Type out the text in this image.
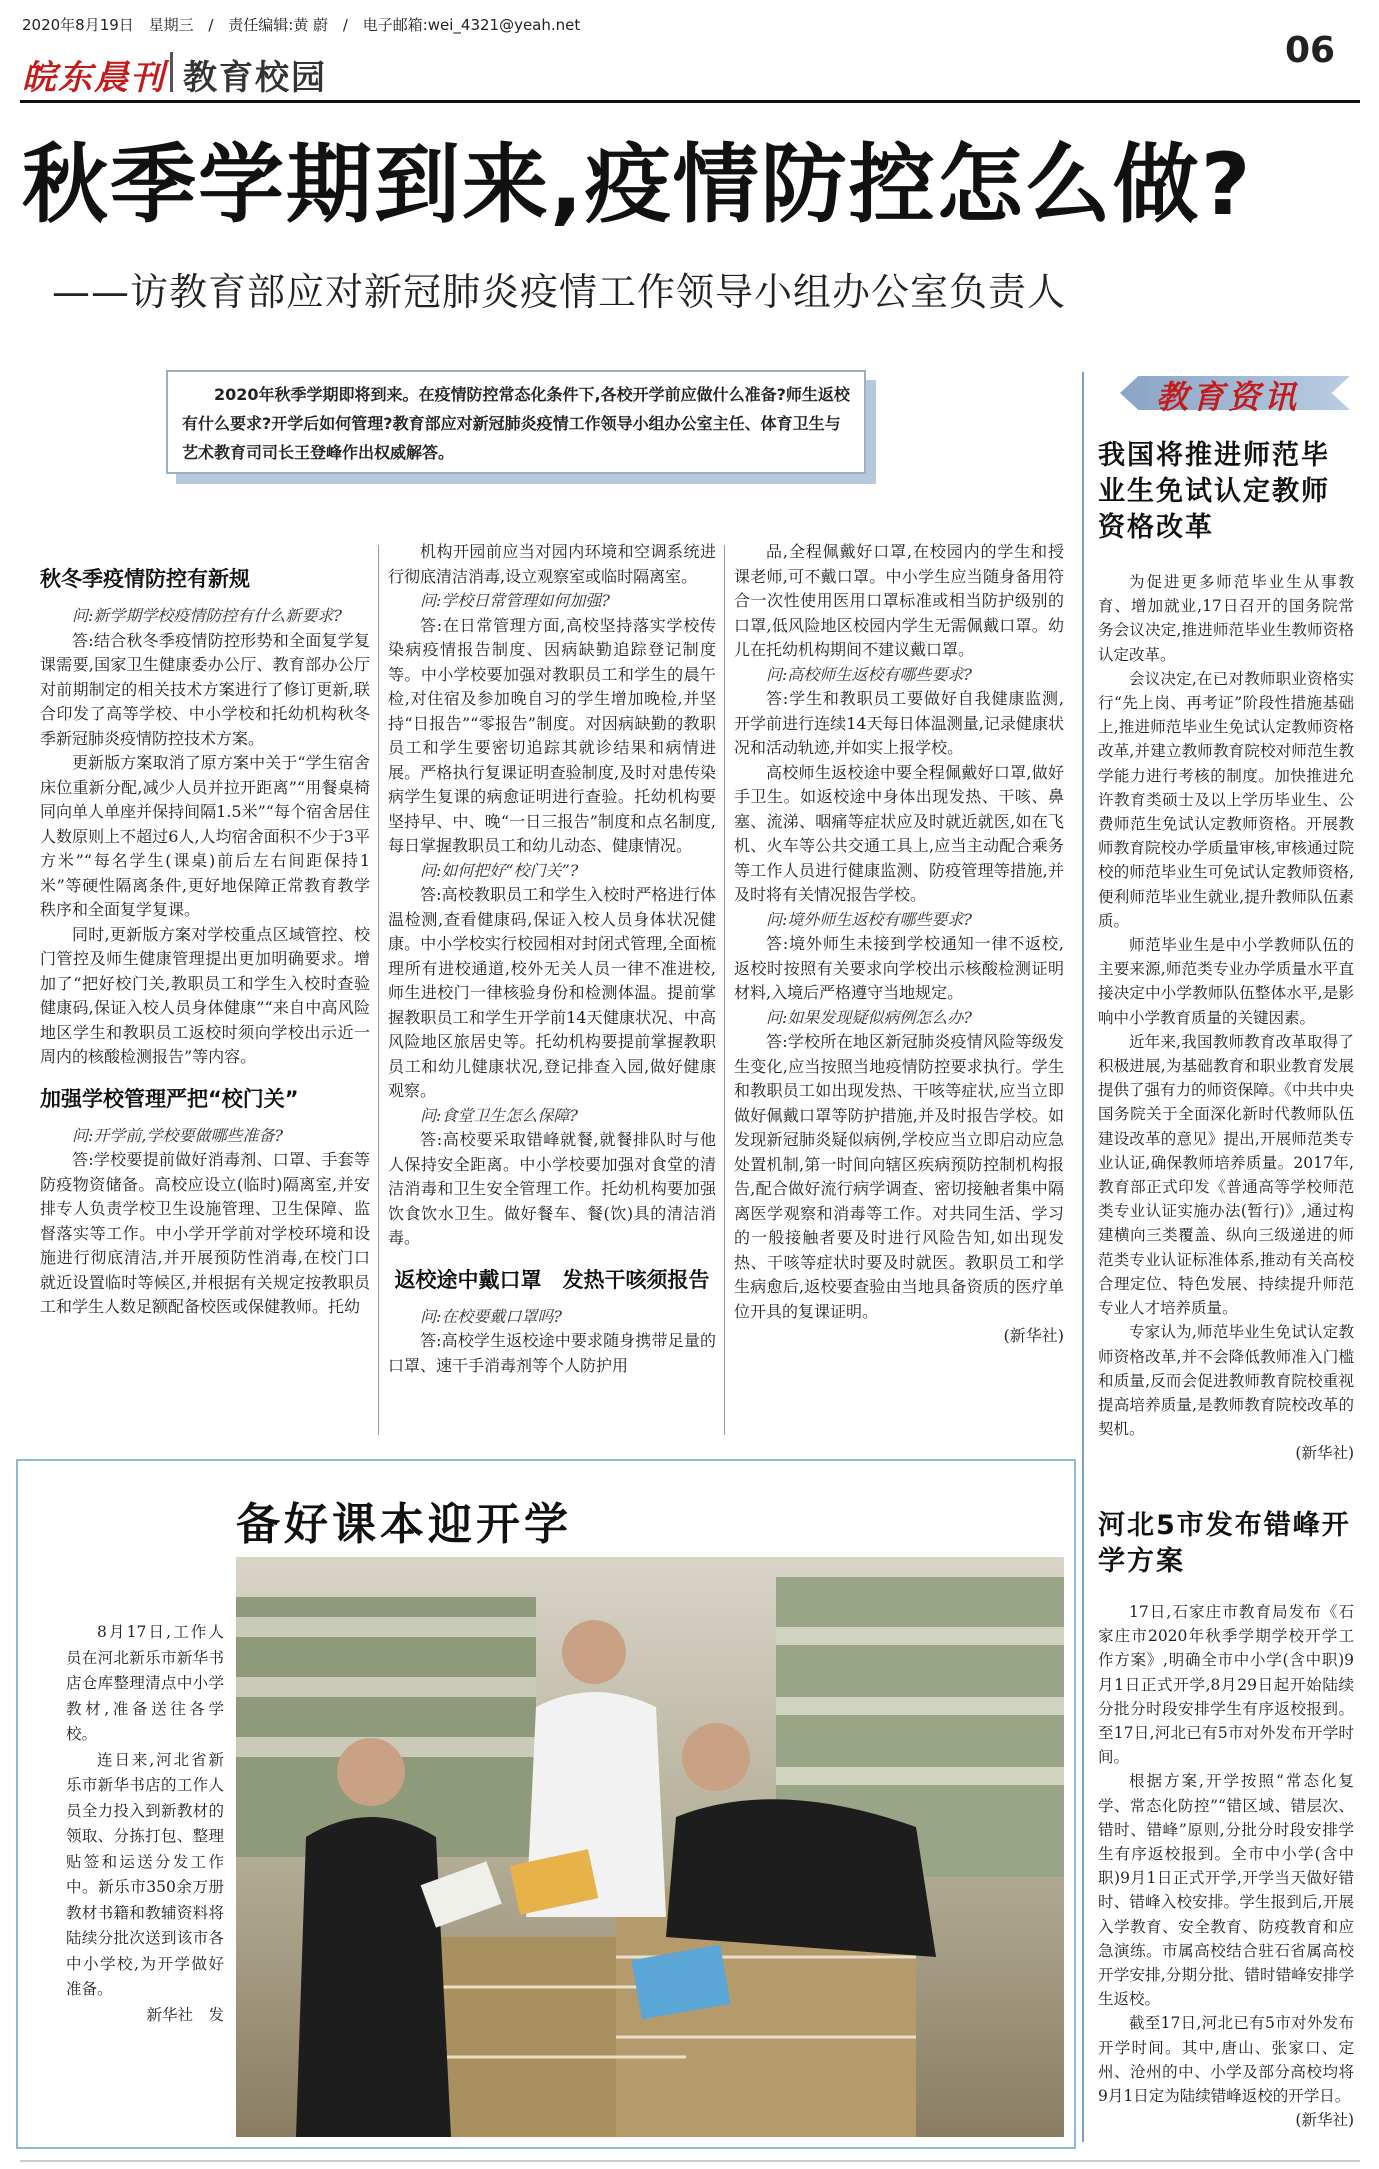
2020年8月19日 星期三 / 责任编辑:黄 蔚 / 电子邮箱:wei_4321@yeah.net
06
皖东晨刊 教育校园
秋季学期到来,疫情防控怎么做?
——访教育部应对新冠肺炎疫情工作领导小组办公室负责人
2020年秋季学期即将到来。在疫情防控常态化条件下,各校开学前应做什么准备?师生返校有什么要求?开学后如何管理?教育部应对新冠肺炎疫情工作领导小组办公室主任、体育卫生与艺术教育司司长王登峰作出权威解答。
秋冬季疫情防控有新规

问:新学期学校疫情防控有什么新要求?

答:结合秋冬季疫情防控形势和全面复学复课需要,国家卫生健康委办公厅、教育部办公厅对前期制定的相关技术方案进行了修订更新,联合印发了高等学校、中小学校和托幼机构秋冬季新冠肺炎疫情防控技术方案。

更新版方案取消了原方案中关于“学生宿舍床位重新分配,减少人员并拉开距离”“用餐桌椅同向单人单座并保持间隔1.5米”“每个宿舍居住人数原则上不超过6人,人均宿舍面积不少于3平方米”“每名学生(课桌)前后左右间距保持1米”等硬性隔离条件,更好地保障正常教育教学秩序和全面复学复课。

同时,更新版方案对学校重点区域管控、校门管控及师生健康管理提出更加明确要求。增加了“把好校门关,教职员工和学生入校时查验健康码,保证入校人员身体健康”“来自中高风险地区学生和教职员工返校时须向学校出示近一周内的核酸检测报告”等内容。

加强学校管理严把“校门关”

问:开学前,学校要做哪些准备?

答:学校要提前做好消毒剂、口罩、手套等防疫物资储备。高校应设立(临时)隔离室,并安排专人负责学校卫生设施管理、卫生保障、监督落实等工作。中小学开学前对学校环境和设施进行彻底清洁,并开展预防性消毒,在校门口就近设置临时等候区,并根据有关规定按教职员工和学生人数足额配备校医或保健教师。托幼

机构开园前应当对园内环境和空调系统进行彻底清洁消毒,设立观察室或临时隔离室。

问:学校日常管理如何加强?

答:在日常管理方面,高校坚持落实学校传染病疫情报告制度、因病缺勤追踪登记制度等。中小学校要加强对教职员工和学生的晨午检,对住宿及参加晚自习的学生增加晚检,并坚持“日报告”“零报告”制度。对因病缺勤的教职员工和学生要密切追踪其就诊结果和病情进展。严格执行复课证明查验制度,及时对患传染病学生复课的病愈证明进行查验。托幼机构要坚持早、中、晚“一日三报告”制度和点名制度,每日掌握教职员工和幼儿动态、健康情况。

问:如何把好“校门关”?

答:高校教职员工和学生入校时严格进行体温检测,查看健康码,保证入校人员身体状况健康。中小学校实行校园相对封闭式管理,全面梳理所有进校通道,校外无关人员一律不准进校,师生进校门一律核验身份和检测体温。提前掌握教职员工和学生开学前14天健康状况、中高风险地区旅居史等。托幼机构要提前掌握教职员工和幼儿健康状况,登记排查入园,做好健康观察。

问:食堂卫生怎么保障?

答:高校要采取错峰就餐,就餐排队时与他人保持安全距离。中小学校要加强对食堂的清洁消毒和卫生安全管理工作。托幼机构要加强饮食饮水卫生。做好餐车、餐(饮)具的清洁消毒。

返校途中戴口罩　发热干咳须报告

问:在校要戴口罩吗?

答:高校学生返校途中要求随身携带足量的口罩、速干手消毒剂等个人防护用

品,全程佩戴好口罩,在校园内的学生和授课老师,可不戴口罩。中小学生应当随身备用符合一次性使用医用口罩标准或相当防护级别的口罩,低风险地区校园内学生无需佩戴口罩。幼儿在托幼机构期间不建议戴口罩。

问:高校师生返校有哪些要求?

答:学生和教职员工要做好自我健康监测,开学前进行连续14天每日体温测量,记录健康状况和活动轨迹,并如实上报学校。

高校师生返校途中要全程佩戴好口罩,做好手卫生。如返校途中身体出现发热、干咳、鼻塞、流涕、咽痛等症状应及时就近就医,如在飞机、火车等公共交通工具上,应当主动配合乘务等工作人员进行健康监测、防疫管理等措施,并及时将有关情况报告学校。

问:境外师生返校有哪些要求?

答:境外师生未接到学校通知一律不返校,返校时按照有关要求向学校出示核酸检测证明材料,入境后严格遵守当地规定。

问:如果发现疑似病例怎么办?

答:学校所在地区新冠肺炎疫情风险等级发生变化,应当按照当地疫情防控要求执行。学生和教职员工如出现发热、干咳等症状,应当立即做好佩戴口罩等防护措施,并及时报告学校。如发现新冠肺炎疑似病例,学校应当立即启动应急处置机制,第一时间向辖区疾病预防控制机构报告,配合做好流行病学调查、密切接触者集中隔离医学观察和消毒等工作。对共同生活、学习的一般接触者要及时进行风险告知,如出现发热、干咳等症状时要及时就医。教职员工和学生病愈后,返校要查验由当地具备资质的医疗单位开具的复课证明。

(新华社)

教育资讯
我国将推进师范毕业生免试认定教师资格改革

为促进更多师范毕业生从事教育、增加就业,17日召开的国务院常务会议决定,推进师范毕业生教师资格认定改革。

会议决定,在已对教师职业资格实行“先上岗、再考证”阶段性措施基础上,推进师范毕业生免试认定教师资格改革,并建立教师教育院校对师范生教学能力进行考核的制度。加快推进允许教育类硕士及以上学历毕业生、公费师范生免试认定教师资格。开展教师教育院校办学质量审核,审核通过院校的师范毕业生可免试认定教师资格,便利师范毕业生就业,提升教师队伍素质。

师范毕业生是中小学教师队伍的主要来源,师范类专业办学质量水平直接决定中小学教师队伍整体水平,是影响中小学教育质量的关键因素。

近年来,我国教师教育改革取得了积极进展,为基础教育和职业教育发展提供了强有力的师资保障。《中共中央 国务院关于全面深化新时代教师队伍建设改革的意见》提出,开展师范类专业认证,确保教师培养质量。2017年,教育部正式印发《普通高等学校师范类专业认证实施办法(暂行)》,通过构建横向三类覆盖、纵向三级递进的师范类专业认证标准体系,推动有关高校合理定位、特色发展、持续提升师范专业人才培养质量。

专家认为,师范毕业生免试认定教师资格改革,并不会降低教师准入门槛和质量,反而会促进教师教育院校重视提高培养质量,是教师教育院校改革的契机。

(新华社)

河北5市发布错峰开学方案

17日,石家庄市教育局发布《石家庄市2020年秋季学期学校开学工作方案》,明确全市中小学(含中职)9月1日正式开学,8月29日起开始陆续分批分时段安排学生有序返校报到。至17日,河北已有5市对外发布开学时间。

根据方案,开学按照“常态化复学、常态化防控”“错区域、错层次、错时、错峰”原则,分批分时段安排学生有序返校报到。全市中小学(含中职)9月1日正式开学,开学当天做好错时、错峰入校安排。学生报到后,开展入学教育、安全教育、防疫教育和应急演练。市属高校结合驻石省属高校开学安排,分期分批、错时错峰安排学生返校。

截至17日,河北已有5市对外发布开学时间。其中,唐山、张家口、定州、沧州的中、小学及部分高校均将9月1日定为陆续错峰返校的开学日。

(新华社)

备好课本迎开学

8月17日,工作人员在河北新乐市新华书店仓库整理清点中小学教材,准备送往各学校。

连日来,河北省新乐市新华书店的工作人员全力投入到新教材的领取、分拣打包、整理贴签和运送分发工作中。新乐市350余万册教材书籍和教辅资料将陆续分批次送到该市各中小学校,为开学做好准备。

新华社　发
